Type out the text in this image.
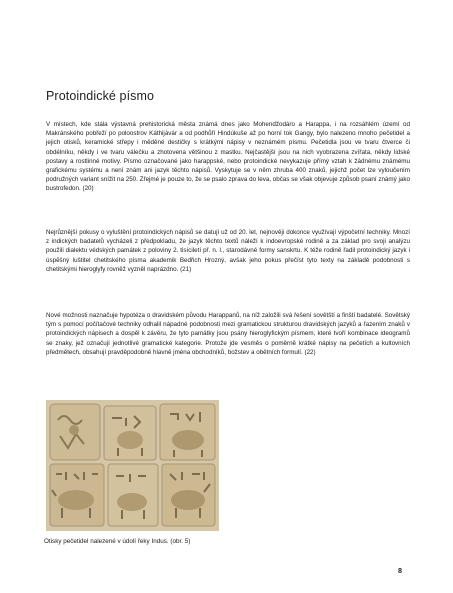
Protoindické písmo
V místech, kde stála výstavná prehistorická města známá dnes jako Mohendžodáro a Harappa, i na rozsáhlém území od Makránského pobřeží po poloostrov Káthijávár a od podhůří Hindúkuše až po horní tok Gangy, bylo nalezeno mnoho pečetidel a jejich otisků, keramické střepy i měděné destičky s krátkými nápisy v neznámém písmu. Pečetidla jsou ve tvaru čtverce či obdélníku, někdy i ve tvaru válečku a zhotovena většinou z mastku. Nejčastější jsou na nich vyobrazena zvířata, někdy lidské postavy a rostlinné motivy. Písmo označované jako harappské, nebo protoindické nevykazuje přímý vztah k žádnému známému grafickému systému a není znám ani jazyk těchto nápisů. Vyskytuje se v něm zhruba 400 znaků, jejichž počet lze vyloučením podružných variant snížit na 250. Zřejmé je pouze to, že se psalo zprava do leva, občas se však objevuje způsob psaní známý jako bustrofedon. (20)
Nejrůznější pokusy o vyluštění protoindických nápisů se datují už od 20. let, nejnověji dokonce využívají výpočetní techniky. Mnozí z indických badatelů vycházeli z předpokladu, že jazyk těchto textů náleží k indoevropské rodině a za základ pro svoji analýzu použili dialektu védských památek z poloviny 2. tisíciletí př. n. l., starodávné formy sanskrtu. K téže rodině řadil protoindický jazyk i úspěšný luštitel chetitského písma akademik Bedřich Hrozný, avšak jeho pokus přečíst tyto texty na základě podobnosti s chetitskými hieroglyfy rovněž vyzněl naprázdno. (21)
Nové možnosti naznačuje hypotéza o dravidském původu Harappanů, na níž založili svá řešení sovětští a finští badatelé. Sovětský tým s pomocí počítačové techniky odhalil nápadné podobnosti mezi gramatickou strukturou dravidských jazyků a řazením znaků v protoindických nápisech a dospěl k závěru, že tyto památky jsou psány hieroglyfickým písmem, které tvoří kombinace ideogramů se znaky, jež označují jednotlivé gramatické kategorie. Protože jde vesměs o poměrně krátké nápisy na pečetích a kultovních předmětech, obsahují pravděpodobně hlavně jména obchodníků, božstev a obětních formulí. (22)
Otisky pečetidel nalezené v údolí řeky Indus. (obr. 5)
8
